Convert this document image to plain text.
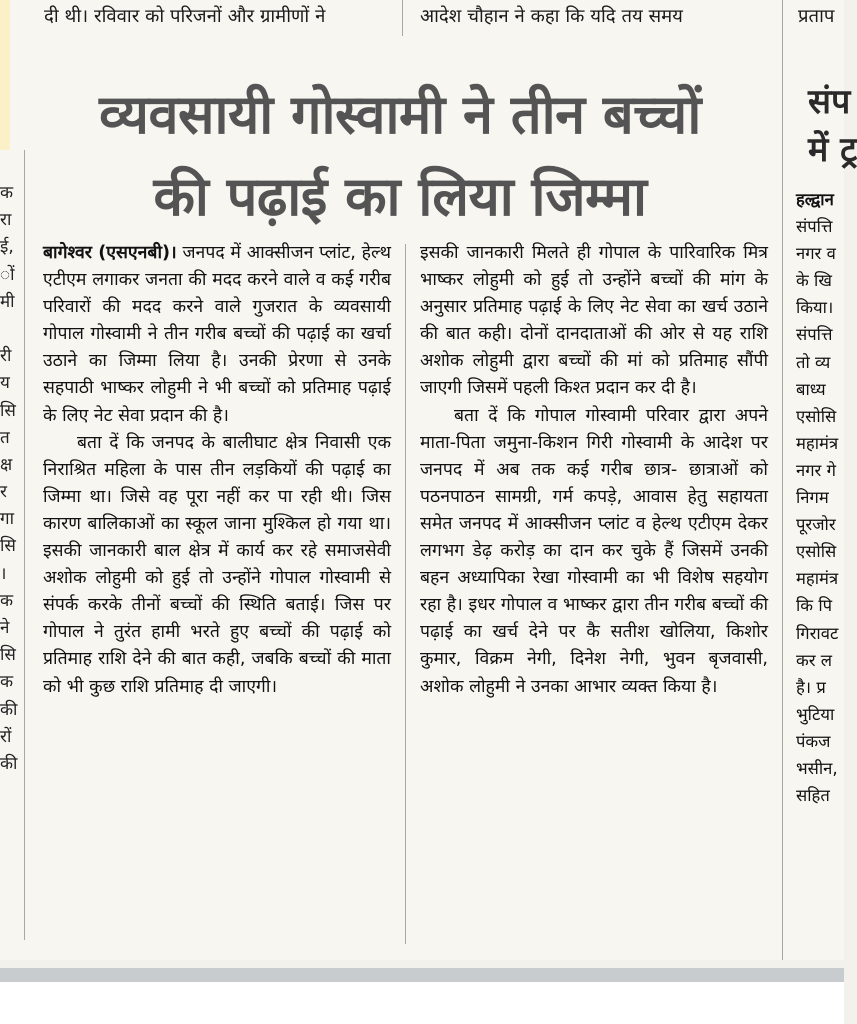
दी थी। रविवार को परिजनों और ग्रामीणों ने	आदेश चौहान ने कहा कि यदि तय समय	प्रताप
व्यवसायी गोस्वामी ने तीन बच्चों
की पढ़ाई का लिया जिम्मा

बागेश्वर (एसएनबी)। जनपद में आक्सीजन प्लांट, हेल्थ एटीएम लगाकर जनता की मदद करने वाले व कई गरीब परिवारों की मदद करने वाले गुजरात के व्यवसायी गोपाल गोस्वामी ने तीन गरीब बच्चों की पढ़ाई का खर्चा उठाने का जिम्मा लिया है। उनकी प्रेरणा से उनके सहपाठी भाष्कर लोहुमी ने भी बच्चों को प्रतिमाह पढ़ाई के लिए नेट सेवा प्रदान की है।

बता दें कि जनपद के बालीघाट क्षेत्र निवासी एक निराश्रित महिला के पास तीन लड़कियों की पढ़ाई का जिम्मा था। जिसे वह पूरा नहीं कर पा रही थी। जिस कारण बालिकाओं का स्कूल जाना मुश्किल हो गया था। इसकी जानकारी बाल क्षेत्र में कार्य कर रहे समाजसेवी अशोक लोहुमी को हुई तो उन्होंने गोपाल गोस्वामी से संपर्क करके तीनों बच्चों की स्थिति बताई। जिस पर गोपाल ने तुरंत हामी भरते हुए बच्चों की पढ़ाई को प्रतिमाह राशि देने की बात कही, जबकि बच्चों की माता को भी कुछ राशि प्रतिमाह दी जाएगी।

इसकी जानकारी मिलते ही गोपाल के पारिवारिक मित्र भाष्कर लोहुमी को हुई तो उन्होंने बच्चों की मांग के अनुसार प्रतिमाह पढ़ाई के लिए नेट सेवा का खर्च उठाने की बात कही। दोनों दानदाताओं की ओर से यह राशि अशोक लोहुमी द्वारा बच्चों की मां को प्रतिमाह सौंपी जाएगी जिसमें पहली किश्त प्रदान कर दी है।

बता दें कि गोपाल गोस्वामी परिवार द्वारा अपने माता-पिता जमुना-किशन गिरी गोस्वामी के आदेश पर जनपद में अब तक कई गरीब छात्र- छात्राओं को पठनपाठन सामग्री, गर्म कपड़े, आवास हेतु सहायता समेत जनपद में आक्सीजन प्लांट व हेल्थ एटीएम देकर लगभग डेढ़ करोड़ का दान कर चुके हैं जिसमें उनकी बहन अध्यापिका रेखा गोस्वामी का भी विशेष सहयोग रहा है। इधर गोपाल व भाष्कर द्वारा तीन गरीब बच्चों की पढ़ाई का खर्च देने पर कै सतीश खोलिया, किशोर कुमार, विक्रम नेगी, दिनेश नेगी, भुवन बृजवासी, अशोक लोहुमी ने उनका आभार व्यक्त किया है।

क
रा
ई,
ों
मी
री
य
सि
त
क्ष
र
गा
सि
।
क
ने
सि
क
की
रों
की
संप
में ट्र
हल्द्वान
संपत्ति
नगर व
के खि
किया।
संपत्ति
तो व्य
बाध्य
एसोसि
महामंत्र
नगर गे
निगम
पूरजोर
एसोसि
महामंत्र
कि पि
गिरावट
कर ल
है। प्र
भुटिया
पंकज
भसीन,
सहित
